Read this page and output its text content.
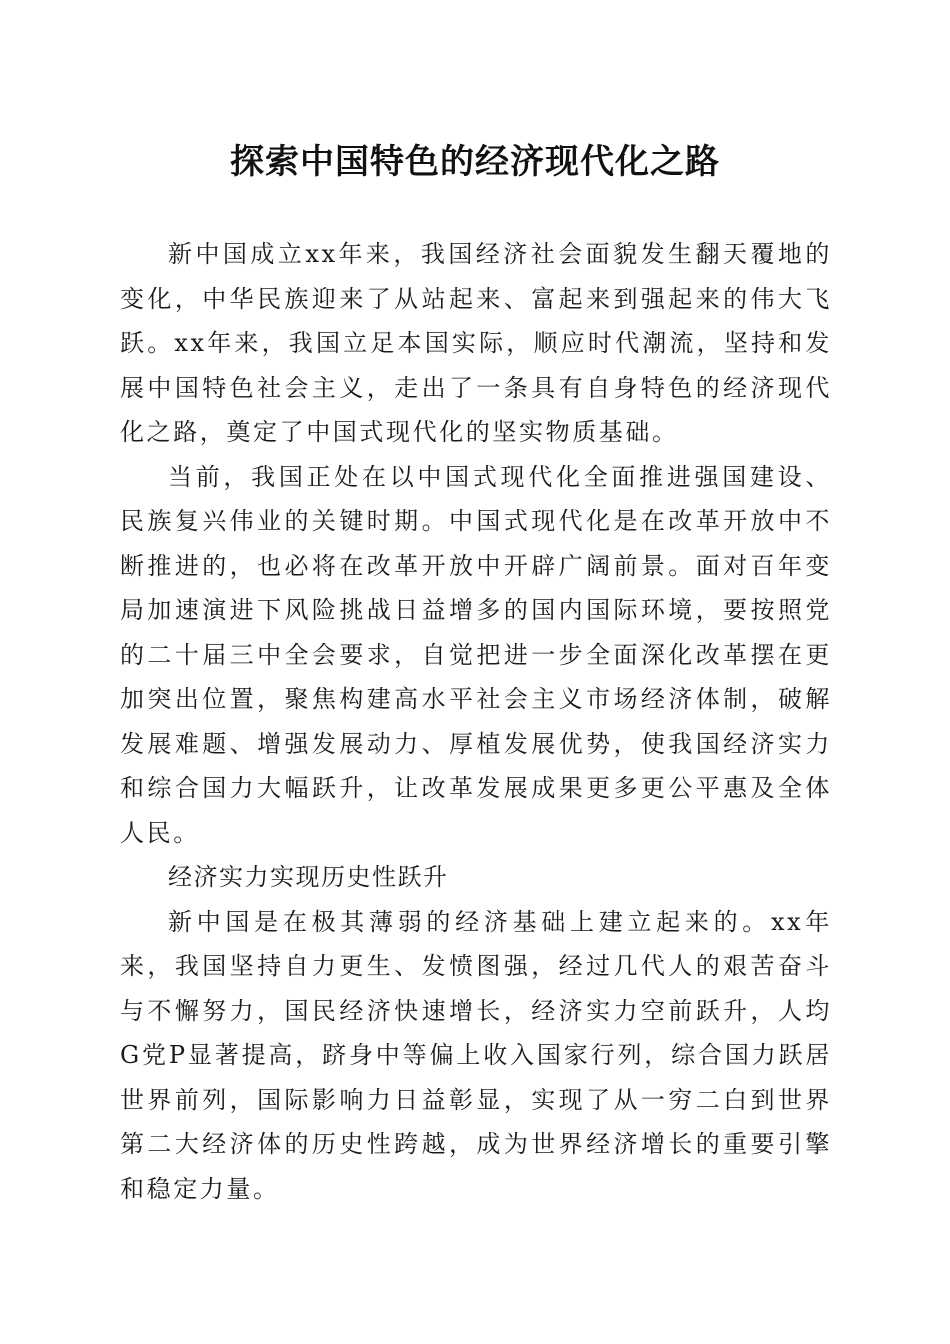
探索中国特色的经济现代化之路

新中国成立xx年来，我国经济社会面貌发生翻天覆地的变化，中华民族迎来了从站起来、富起来到强起来的伟大飞跃。xx年来，我国立足本国实际，顺应时代潮流，坚持和发展中国特色社会主义，走出了一条具有自身特色的经济现代化之路，奠定了中国式现代化的坚实物质基础。

当前，我国正处在以中国式现代化全面推进强国建设、民族复兴伟业的关键时期。中国式现代化是在改革开放中不断推进的，也必将在改革开放中开辟广阔前景。面对百年变局加速演进下风险挑战日益增多的国内国际环境，要按照党的二十届三中全会要求，自觉把进一步全面深化改革摆在更加突出位置，聚焦构建高水平社会主义市场经济体制，破解发展难题、增强发展动力、厚植发展优势，使我国经济实力和综合国力大幅跃升，让改革发展成果更多更公平惠及全体人民。

经济实力实现历史性跃升

新中国是在极其薄弱的经济基础上建立起来的。xx年来，我国坚持自力更生、发愤图强，经过几代人的艰苦奋斗与不懈努力，国民经济快速增长，经济实力空前跃升，人均G党P显著提高，跻身中等偏上收入国家行列，综合国力跃居世界前列，国际影响力日益彰显，实现了从一穷二白到世界第二大经济体的历史性跨越，成为世界经济增长的重要引擎和稳定力量。
